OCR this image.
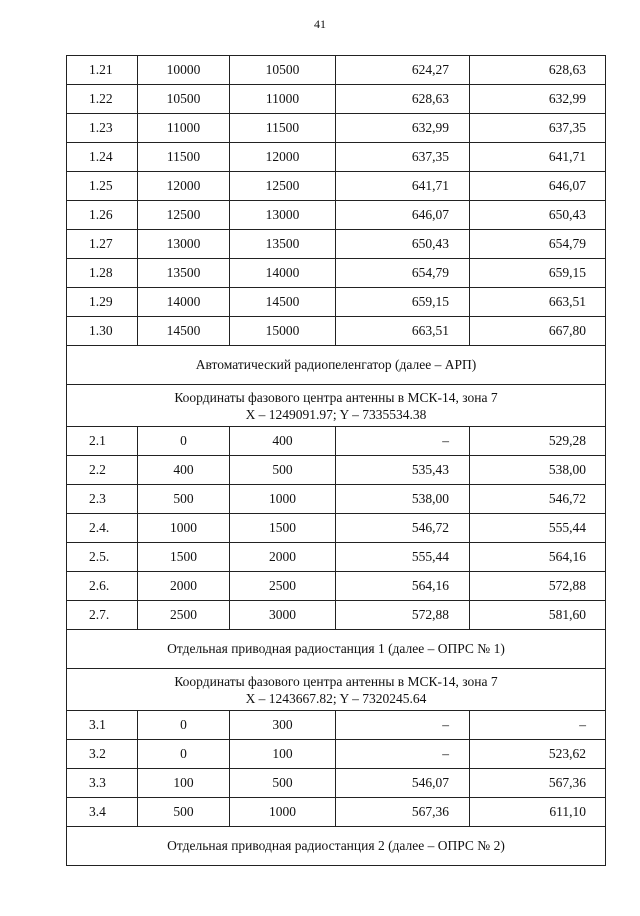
41
1.21	10000	10500	624,27	628,63
1.22	10500	11000	628,63	632,99
1.23	11000	11500	632,99	637,35
1.24	11500	12000	637,35	641,71
1.25	12000	12500	641,71	646,07
1.26	12500	13000	646,07	650,43
1.27	13000	13500	650,43	654,79
1.28	13500	14000	654,79	659,15
1.29	14000	14500	659,15	663,51
1.30	14500	15000	663,51	667,80
Автоматический радиопеленгатор (далее – АРП)				

Координаты фазового центра антенны в МСК-14, зона 7
X – 1249091.97; Y – 7335534.38				

2.1	0	400	–	529,28
2.2	400	500	535,43	538,00
2.3	500	1000	538,00	546,72
2.4.	1000	1500	546,72	555,44
2.5.	1500	2000	555,44	564,16
2.6.	2000	2500	564,16	572,88
2.7.	2500	3000	572,88	581,60
Отдельная приводная радиостанция 1 (далее – ОПРС № 1)				

Координаты фазового центра антенны в МСК-14, зона 7
X – 1243667.82; Y – 7320245.64				

3.1	0	300	–	–
3.2	0	100	–	523,62
3.3	100	500	546,07	567,36
3.4	500	1000	567,36	611,10
Отдельная приводная радиостанция 2 (далее – ОПРС № 2)				
